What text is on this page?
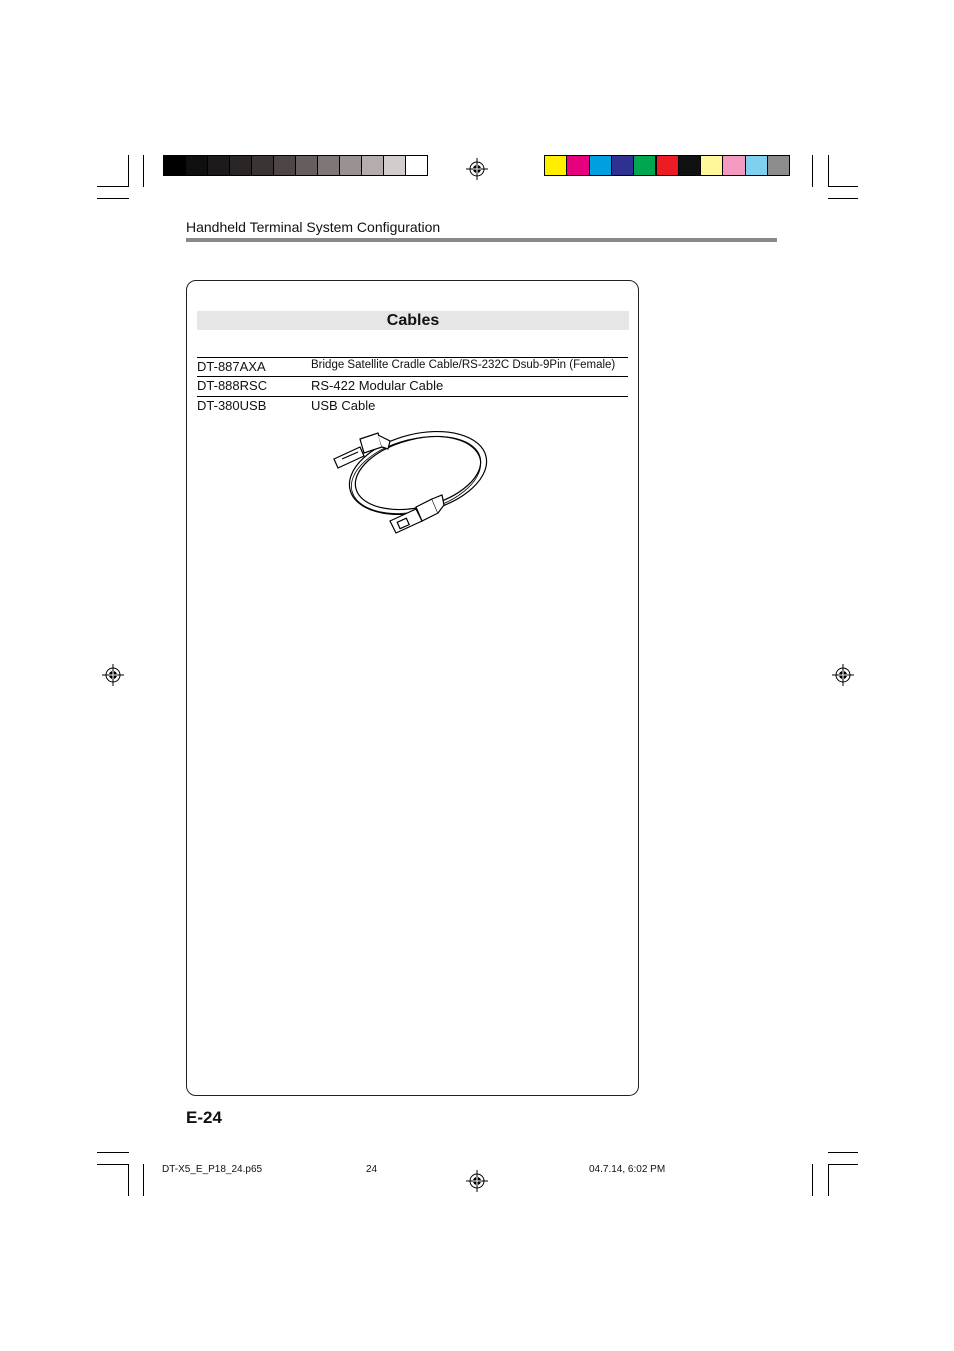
Handheld Terminal System Configuration
Cables
DT-887AXA	Bridge Satellite Cradle Cable/RS-232C Dsub-9Pin (Female)
DT-888RSC	RS-422 Modular Cable
DT-380USB	USB Cable
E-24
DT-X5_E_P18_24.p65	24	04.7.14, 6:02 PM
